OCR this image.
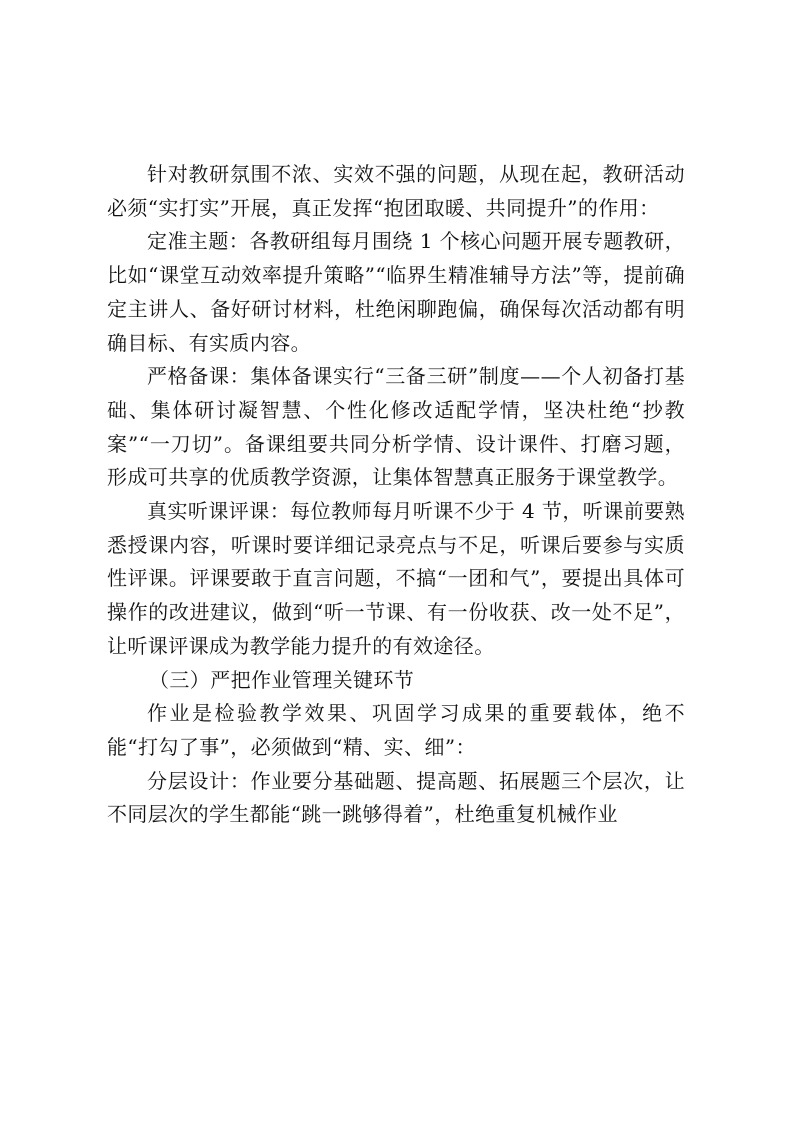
针对教研氛围不浓、实效不强的问题，从现在起，教研活动必须“实打实”开展，真正发挥“抱团取暖、共同提升”的作用：

定准主题：各教研组每月围绕 1 个核心问题开展专题教研，比如“课堂互动效率提升策略”“临界生精准辅导方法”等，提前确定主讲人、备好研讨材料，杜绝闲聊跑偏，确保每次活动都有明确目标、有实质内容。

严格备课：集体备课实行“三备三研”制度——个人初备打基础、集体研讨凝智慧、个性化修改适配学情，坚决杜绝“抄教案”“一刀切”。备课组要共同分析学情、设计课件、打磨习题，形成可共享的优质教学资源，让集体智慧真正服务于课堂教学。

真实听课评课：每位教师每月听课不少于 4 节，听课前要熟悉授课内容，听课时要详细记录亮点与不足，听课后要参与实质性评课。评课要敢于直言问题，不搞“一团和气”，要提出具体可操作的改进建议，做到“听一节课、有一份收获、改一处不足”，让听课评课成为教学能力提升的有效途径。

（三）严把作业管理关键环节

作业是检验教学效果、巩固学习成果的重要载体，绝不能“打勾了事”，必须做到“精、实、细”：

分层设计：作业要分基础题、提高题、拓展题三个层次，让不同层次的学生都能“跳一跳够得着”，杜绝重复机械作业
